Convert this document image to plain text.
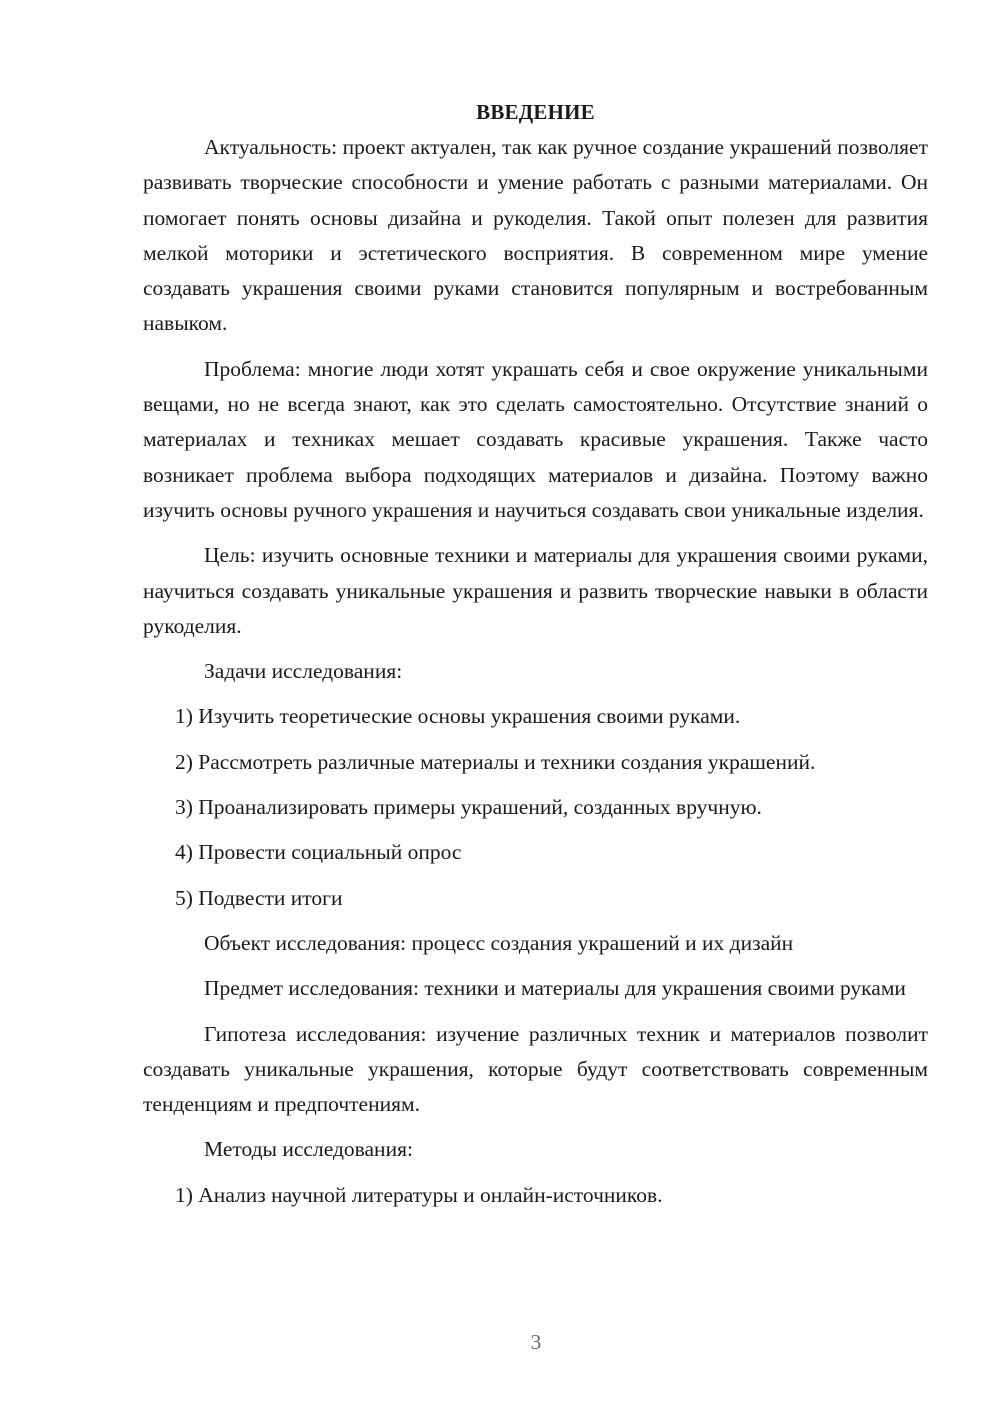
ВВЕДЕНИЕ

Актуальность: проект актуален, так как ручное создание украшений позволяет развивать творческие способности и умение работать с разными материалами. Он помогает понять основы дизайна и рукоделия. Такой опыт полезен для развития мелкой моторики и эстетического восприятия. В современном мире умение создавать украшения своими руками становится популярным и востребованным навыком.

Проблема: многие люди хотят украшать себя и свое окружение уникальными вещами, но не всегда знают, как это сделать самостоятельно. Отсутствие знаний о материалах и техниках мешает создавать красивые украшения. Также часто возникает проблема выбора подходящих материалов и дизайна. Поэтому важно изучить основы ручного украшения и научиться создавать свои уникальные изделия.

Цель: изучить основные техники и материалы для украшения своими руками, научиться создавать уникальные украшения и развить творческие навыки в области рукоделия.

Задачи исследования:

1) Изучить теоретические основы украшения своими руками.
2) Рассмотреть различные материалы и техники создания украшений.
3) Проанализировать примеры украшений, созданных вручную.
4) Провести социальный опрос
5) Подвести итоги

Объект исследования: процесс создания украшений и их дизайн

Предмет исследования: техники и материалы для украшения своими руками

Гипотеза исследования: изучение различных техник и материалов позволит создавать уникальные украшения, которые будут соответствовать современным тенденциям и предпочтениям.

Методы исследования:

1) Анализ научной литературы и онлайн-источников.
3
